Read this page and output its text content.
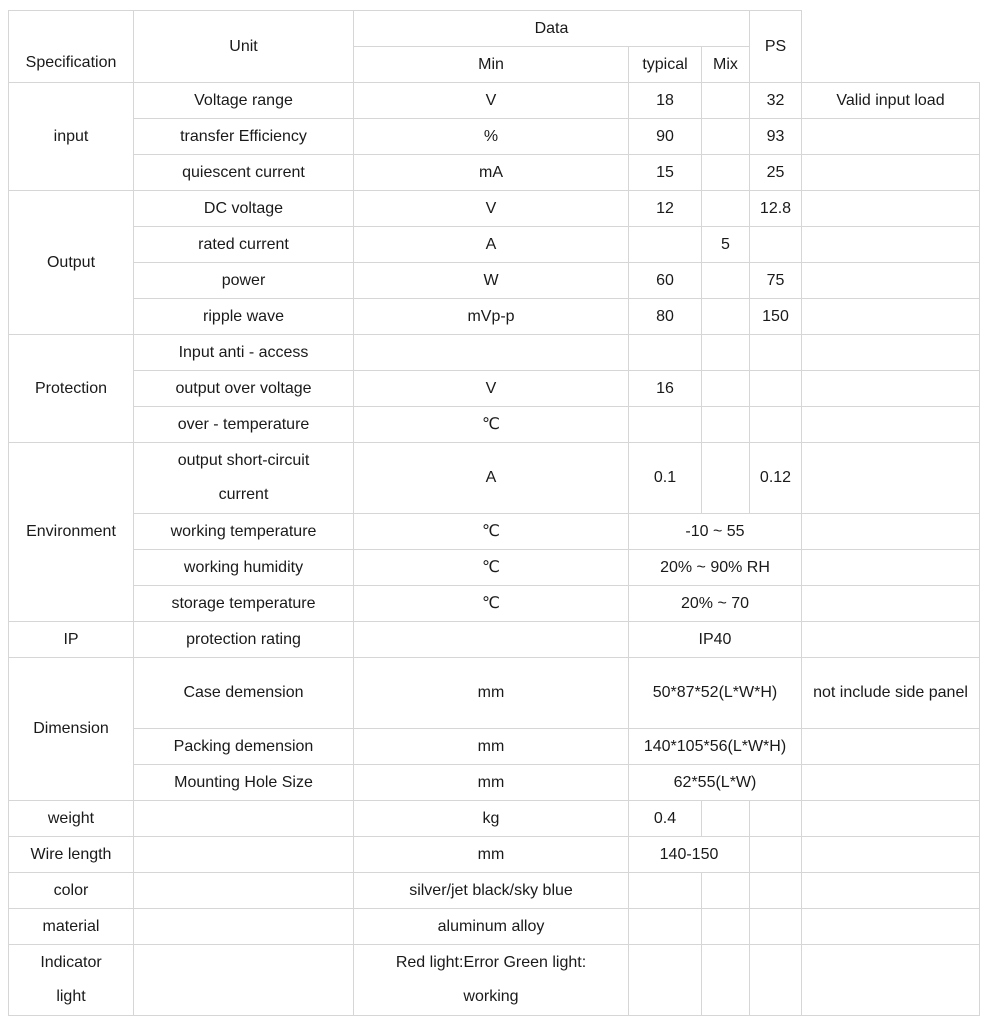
Specification	Unit	Data			PS	
		Min	typical	Mix		
input	Voltage range	V	18		32	Valid input load
	transfer Efficiency	%	90		93	
	quiescent current	mA	15		25	
Output	DC voltage	V	12		12.8	
	rated current	A		5		
	power	W	60		75	
	ripple wave	mVp-p	80		150	
Protection	Input anti - access					
	output over voltage	V	16			
	over - temperature	℃				
Environment	output short-circuit current	A	0.1		0.12	
	working temperature	℃	-10 ~ 55			
	working humidity	℃	20% ~ 90% RH			
	storage temperature	℃	20% ~ 70			
IP	protection rating		IP40			
Dimension	Case demension	mm	50*87*52(L*W*H)			not include side panel
	Packing demension	mm	140*105*56(L*W*H)			
	Mounting Hole Size	mm	62*55(L*W)			
weight		kg	0.4			
Wire length		mm	140-150			
color		silver/jet black/sky blue				
material		aluminum alloy				
Indicator light		Red light:Error Green light: working				
